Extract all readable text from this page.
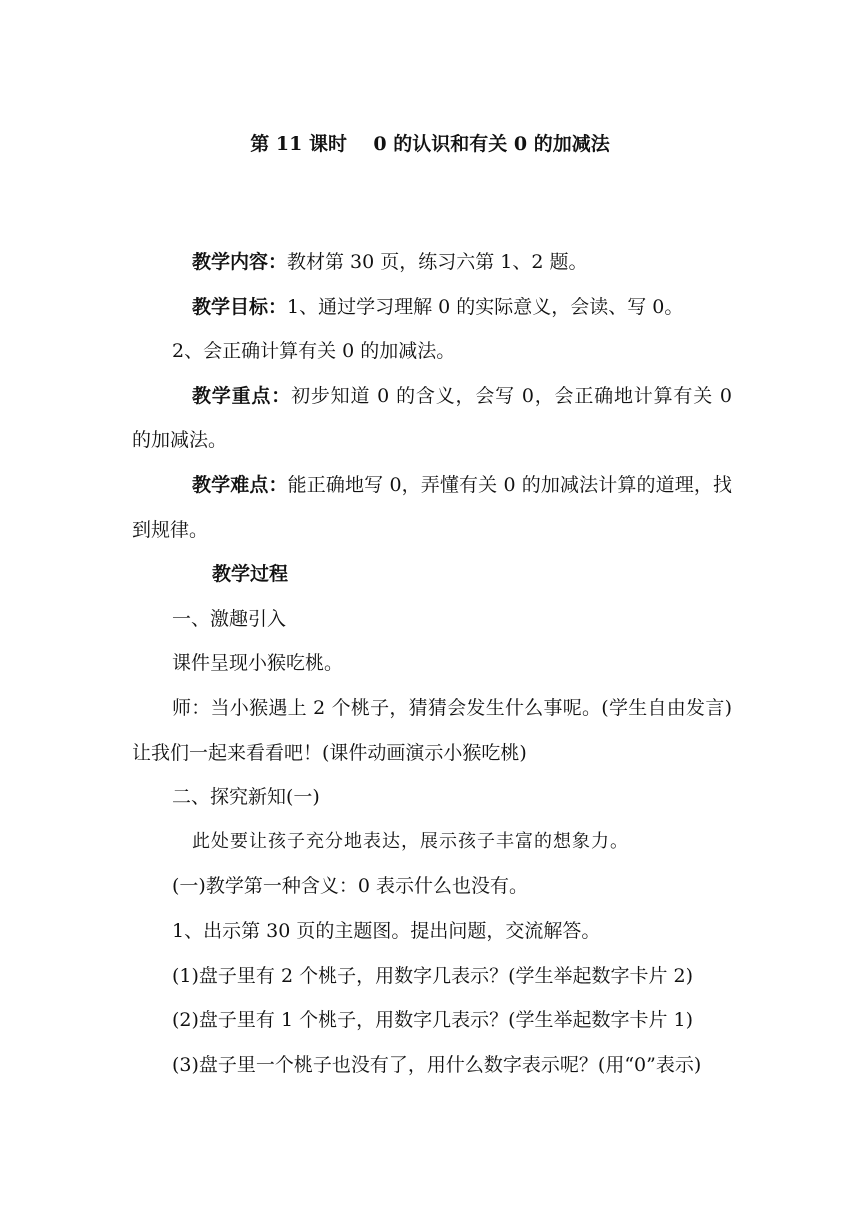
第 11 课时    0 的认识和有关 0 的加减法

教学内容：教材第 30 页，练习六第 1、2 题。

教学目标：1、通过学习理解 0 的实际意义，会读、写 0。

2、会正确计算有关 0 的加减法。

教学重点：初步知道 0 的含义，会写 0，会正确地计算有关 0 的加减法。

教学难点：能正确地写 0，弄懂有关 0 的加减法计算的道理，找到规律。

教学过程

一、激趣引入

课件呈现小猴吃桃。

师：当小猴遇上 2 个桃子，猜猜会发生什么事呢。(学生自由发言)让我们一起来看看吧！(课件动画演示小猴吃桃)

二、探究新知(一)

此处要让孩子充分地表达，展示孩子丰富的想象力。

(一)教学第一种含义：0 表示什么也没有。

1、出示第 30 页的主题图。提出问题，交流解答。

(1)盘子里有 2 个桃子，用数字几表示？(学生举起数字卡片 2)

(2)盘子里有 1 个桃子，用数字几表示？(学生举起数字卡片 1)

(3)盘子里一个桃子也没有了，用什么数字表示呢？(用“0”表示)
